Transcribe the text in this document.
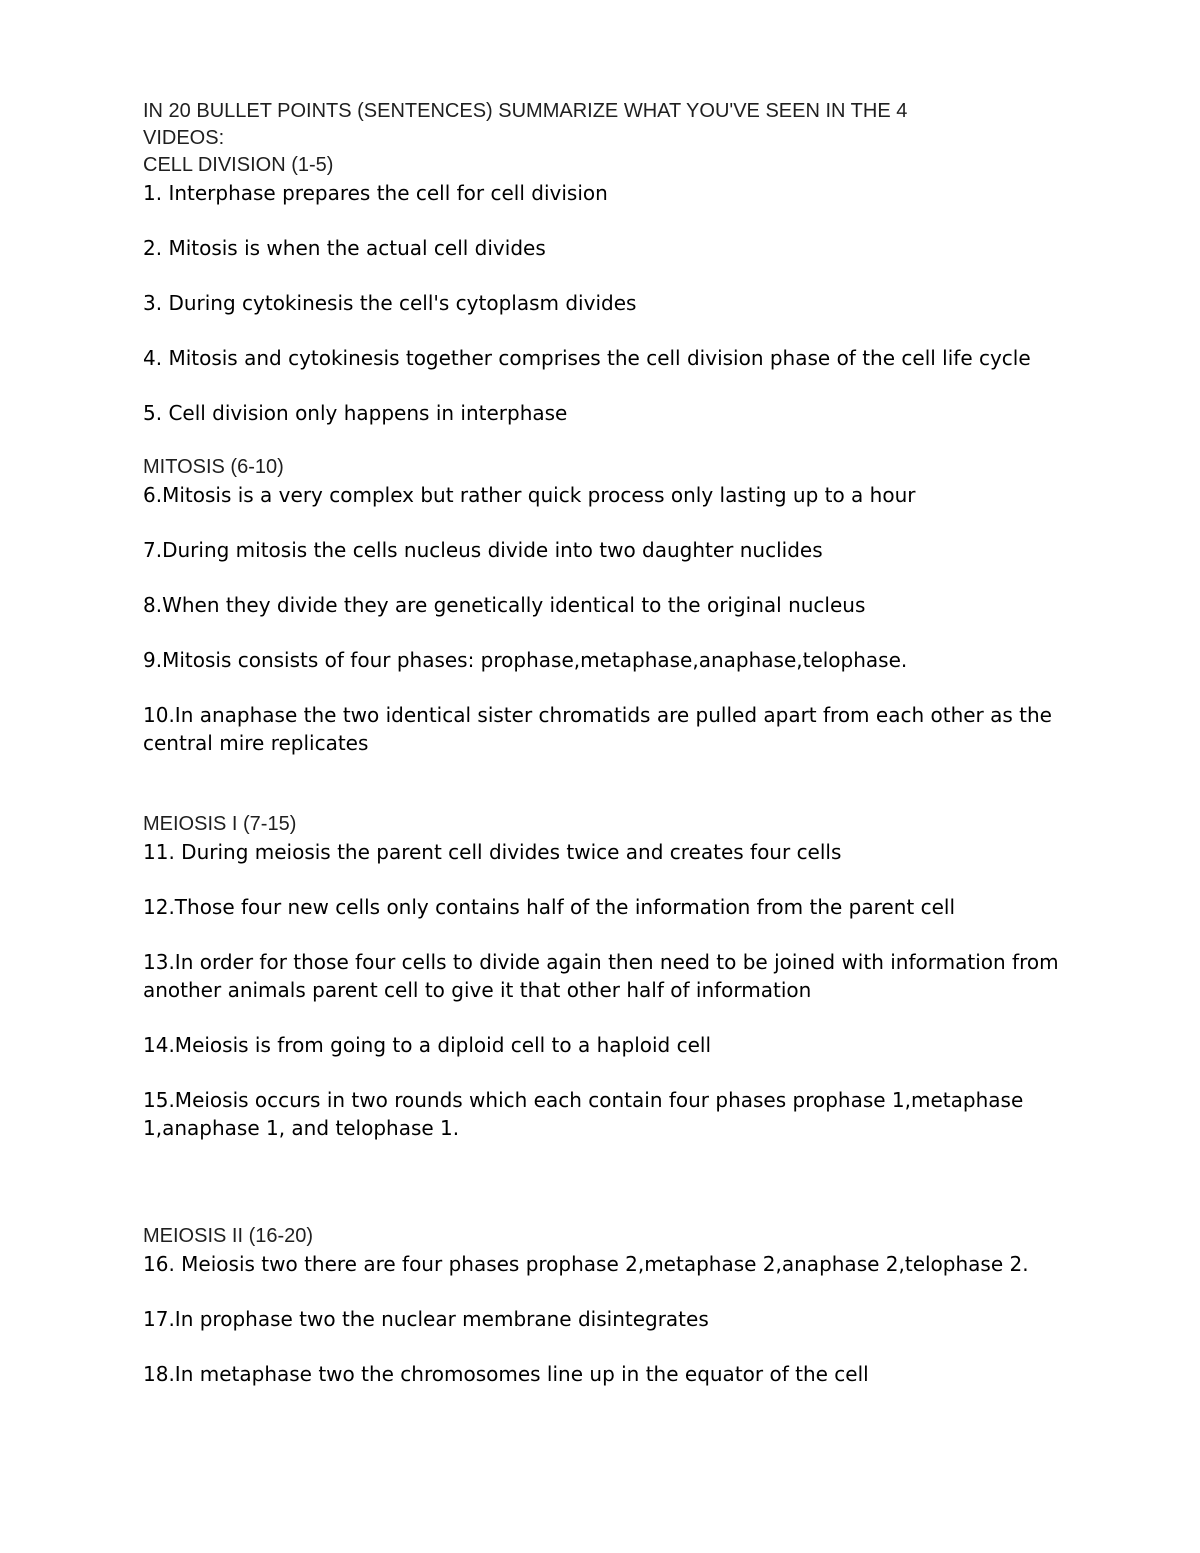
IN 20 BULLET POINTS (SENTENCES) SUMMARIZE WHAT YOU'VE SEEN IN THE 4

VIDEOS:

CELL DIVISION (1-5)

1. Interphase prepares the cell for cell division

2. Mitosis is when the actual cell divides

3. During cytokinesis the cell's cytoplasm divides

4. Mitosis and cytokinesis together comprises the cell division phase of the cell life cycle

5. Cell division only happens in interphase

MITOSIS (6-10)

6.Mitosis is a very complex but rather quick process only lasting up to a hour

7.During mitosis the cells nucleus divide into two daughter nuclides

8.When they divide they are genetically identical to the original nucleus

9.Mitosis consists of four phases: prophase,metaphase,anaphase,telophase.

10.In anaphase the two identical sister chromatids are pulled apart from each other as the central mire replicates

MEIOSIS I (7-15)

11. During meiosis the parent cell divides twice and creates four cells

12.Those four new cells only contains half of the information from the parent cell

13.In order for those four cells to divide again then need to be joined with information from another animals parent cell to give it that other half of information

14.Meiosis is from going to a diploid cell to a haploid cell

15.Meiosis occurs in two rounds which each contain four phases prophase 1,metaphase 1,anaphase 1, and telophase 1.

MEIOSIS II (16-20)

16. Meiosis two there are four phases prophase 2,metaphase 2,anaphase 2,telophase 2.

17.In prophase two the nuclear membrane disintegrates

18.In metaphase two the chromosomes line up in the equator of the cell
